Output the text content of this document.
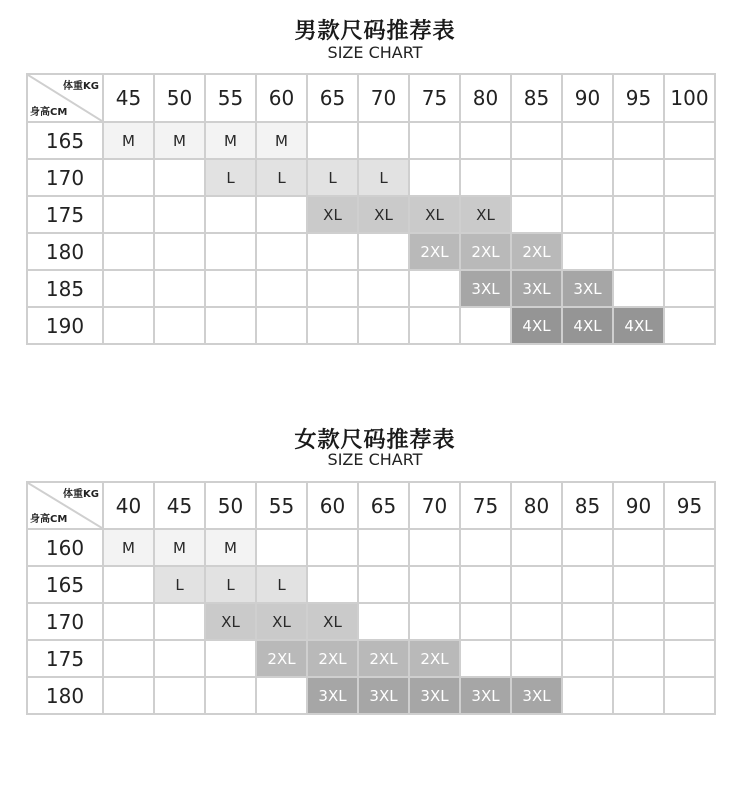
男款尺码推荐表
SIZE CHART
体重KG
身高CM	45	50	55	60	65	70	75	80	85	90	95	100
165	M	M	M	M								
170			L	L	L	L						
175					XL	XL	XL	XL				
180							2XL	2XL	2XL			
185								3XL	3XL	3XL		
190									4XL	4XL	4XL	
女款尺码推荐表
SIZE CHART
体重KG
身高CM	40	45	50	55	60	65	70	75	80	85	90	95
160	M	M	M									
165		L	L	L								
170			XL	XL	XL							
175				2XL	2XL	2XL	2XL					
180					3XL	3XL	3XL	3XL	3XL			
